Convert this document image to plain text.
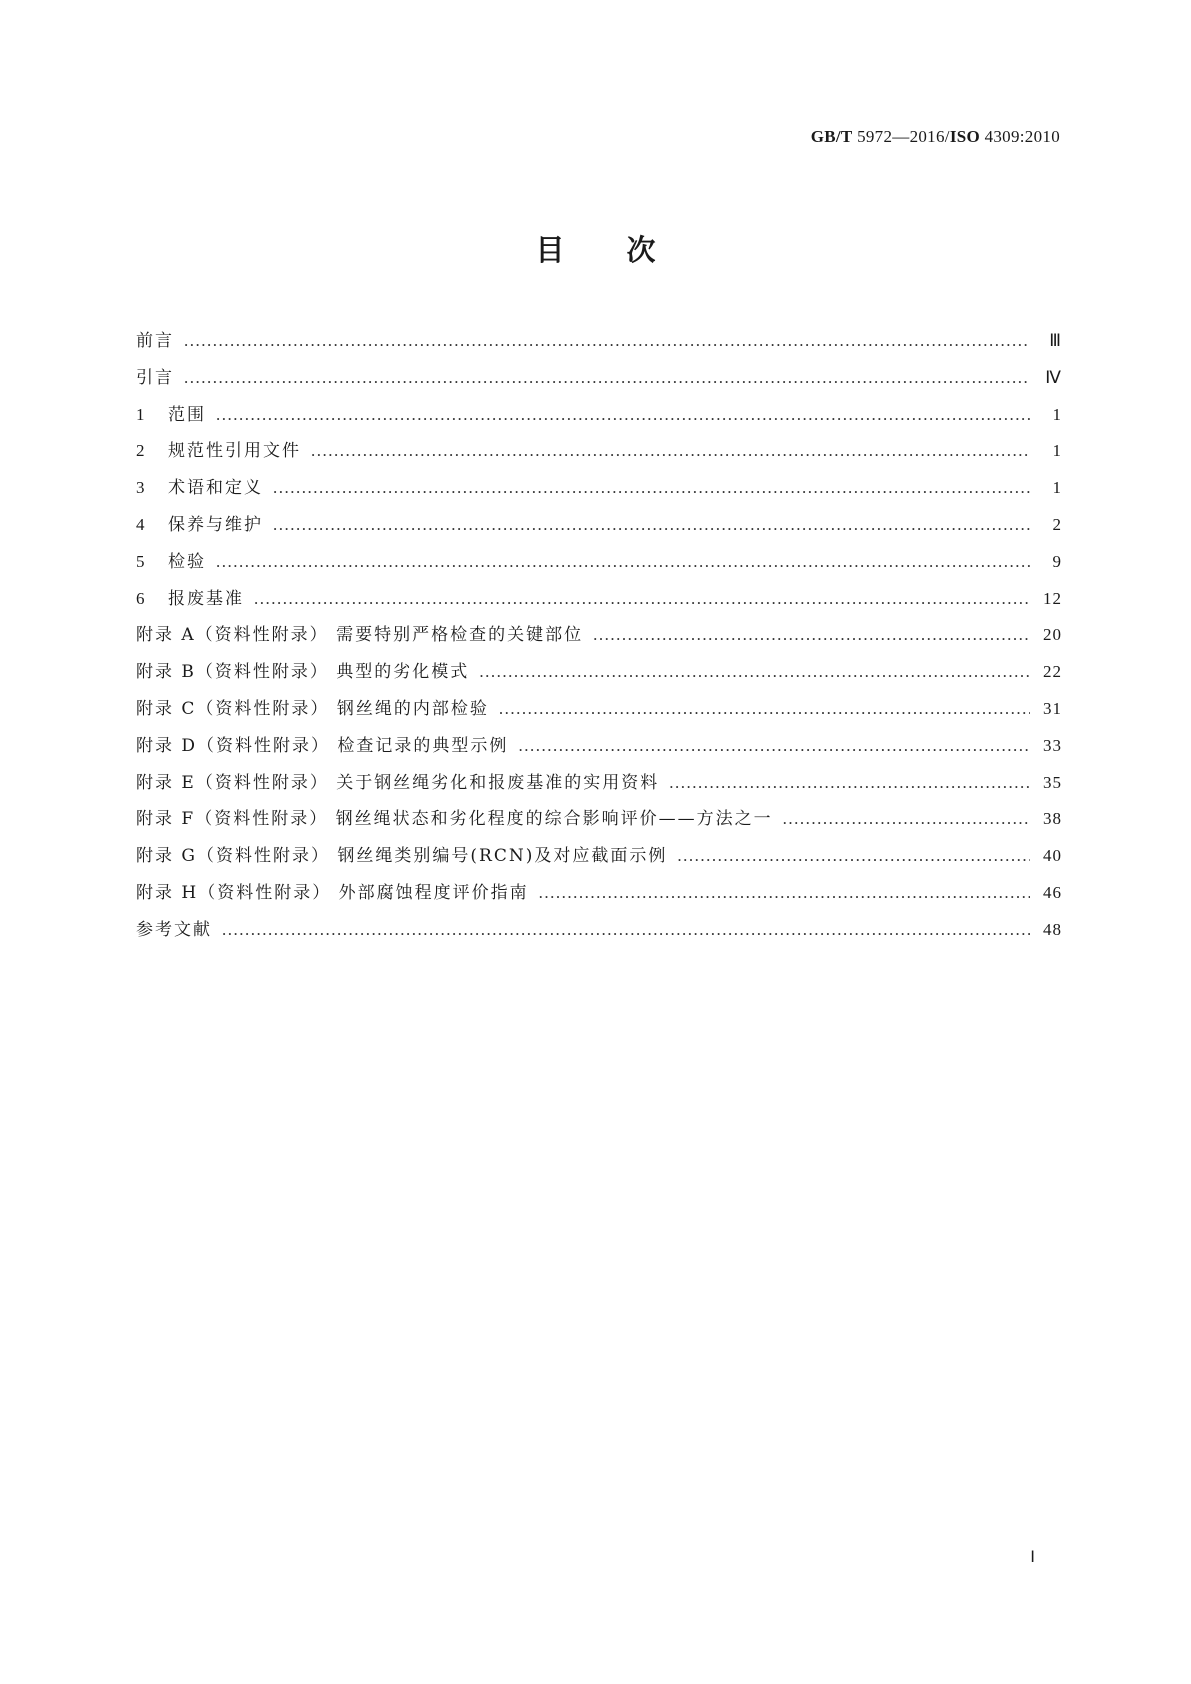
GB/T 5972—2016/ISO 4309:2010
目次
前言 .....	Ⅲ
引言 .....	Ⅳ
1	范围 .....	1
2	规范性引用文件 .....	1
3	术语和定义 .....	1
4	保养与维护 .....	2
5	检验 .....	9
6	报废基准 .....	12
附录 A（资料性附录） 需要特别严格检查的关键部位 .....	20
附录 B（资料性附录） 典型的劣化模式 .....	22
附录 C（资料性附录） 钢丝绳的内部检验 .....	31
附录 D（资料性附录） 检查记录的典型示例 .....	33
附录 E（资料性附录） 关于钢丝绳劣化和报废基准的实用资料 .....	35
附录 F（资料性附录） 钢丝绳状态和劣化程度的综合影响评价——方法之一 .....	38
附录 G（资料性附录） 钢丝绳类别编号(RCN)及对应截面示例 .....	40
附录 H（资料性附录） 外部腐蚀程度评价指南 .....	46
参考文献 .....	48
Ⅰ
